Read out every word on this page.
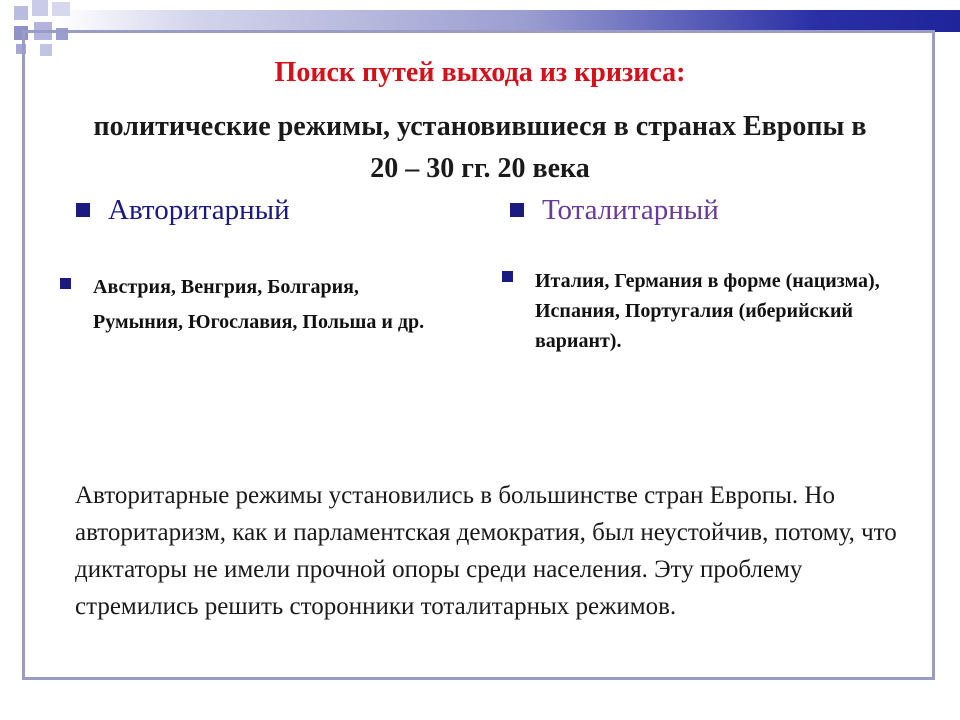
Поиск путей выхода из кризиса:
политические режимы, установившиеся в странах Европы в 20 – 30 гг. 20 века
Авторитарный
Австрия, Венгрия, Болгария, Румыния, Югославия, Польша и др.
Тоталитарный
Италия, Германия в форме (нацизма), Испания, Португалия (иберийский вариант).
Авторитарные режимы установились в большинстве стран Европы. Но авторитаризм, как и парламентская демократия, был неустойчив, потому, что диктаторы не имели прочной опоры среди населения. Эту проблему стремились решить сторонники тоталитарных режимов.
